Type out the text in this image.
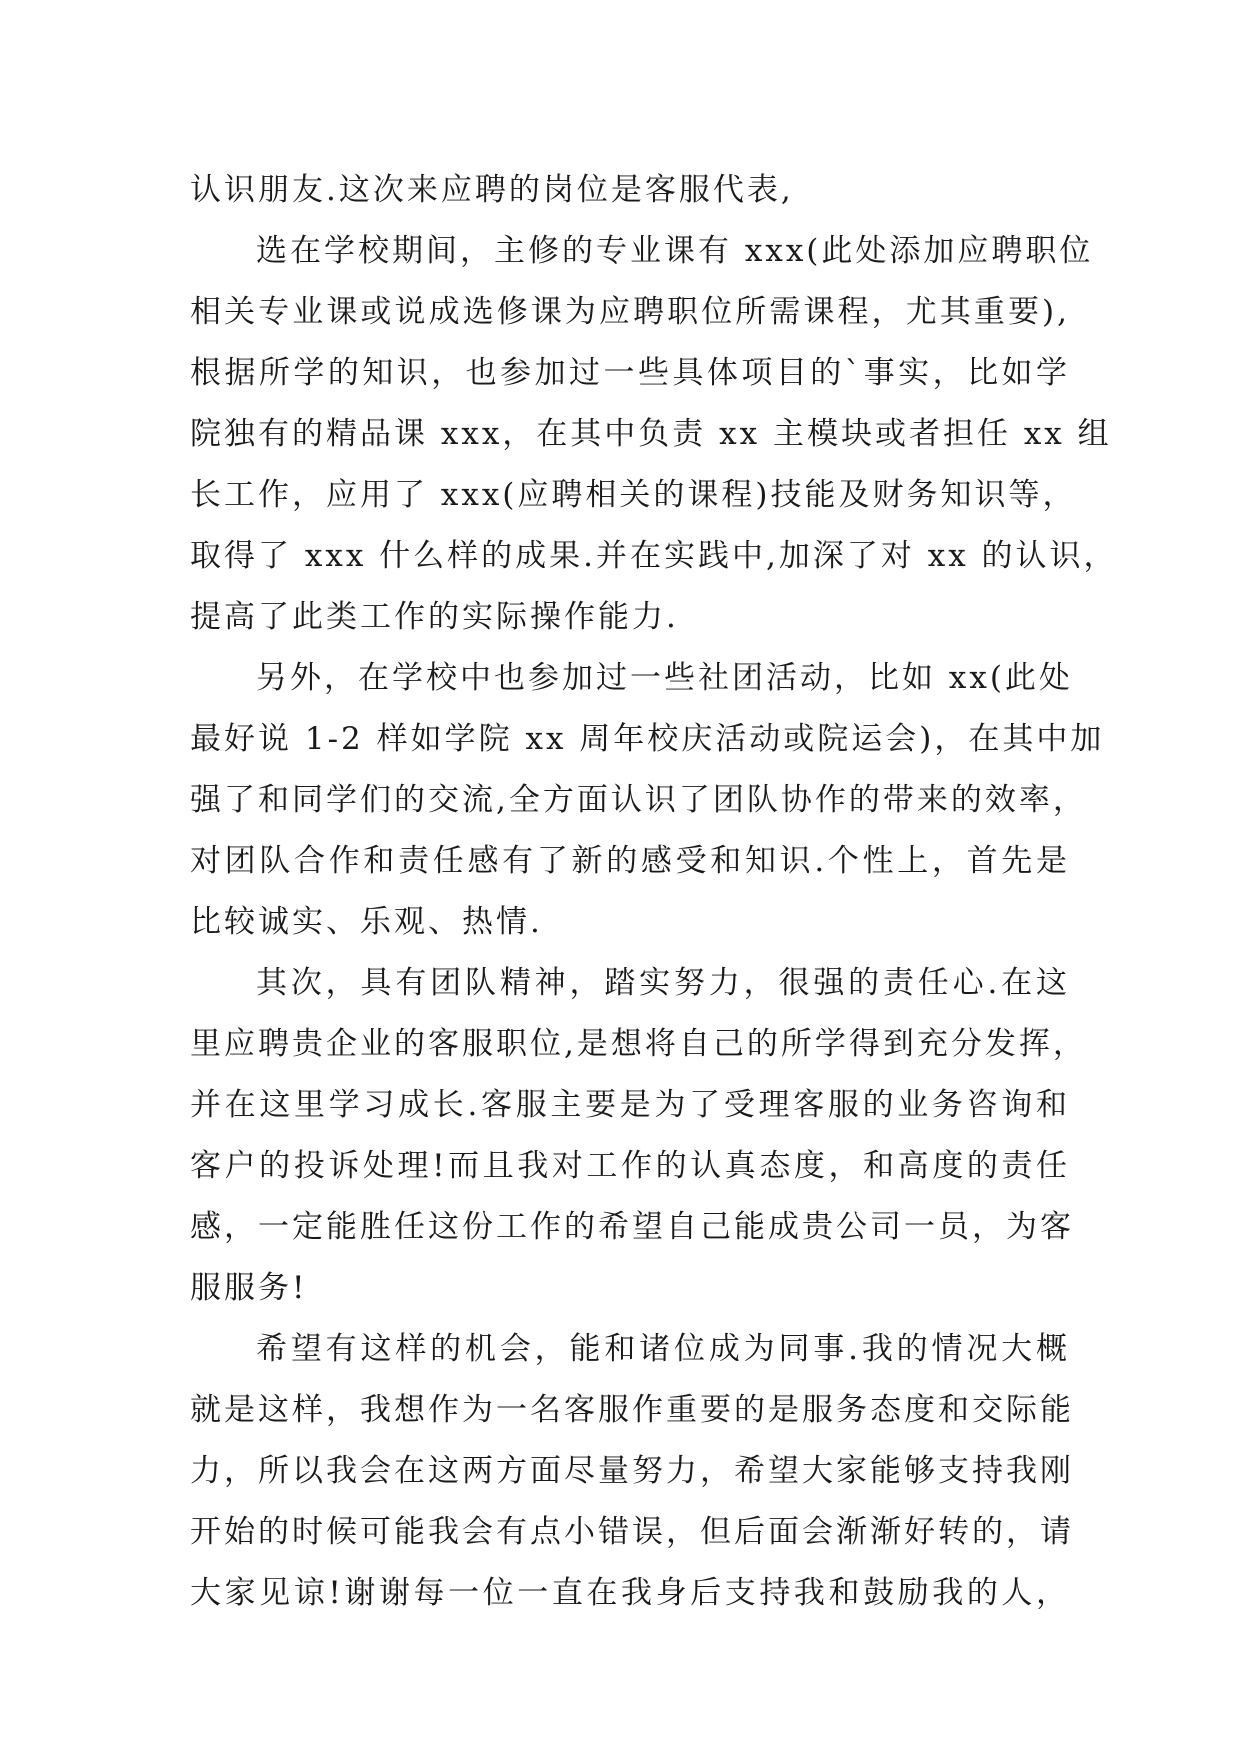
认识朋友.这次来应聘的岗位是客服代表,
选在学校期间，主修的专业课有 xxx(此处添加应聘职位
相关专业课或说成选修课为应聘职位所需课程，尤其重要),
根据所学的知识，也参加过一些具体项目的`事实，比如学
院独有的精品课 xxx，在其中负责 xx 主模块或者担任 xx 组
长工作，应用了 xxx(应聘相关的课程)技能及财务知识等，
取得了 xxx 什么样的成果.并在实践中,加深了对 xx 的认识，
提高了此类工作的实际操作能力.
另外，在学校中也参加过一些社团活动，比如 xx(此处
最好说 1-2 样如学院 xx 周年校庆活动或院运会)，在其中加
强了和同学们的交流,全方面认识了团队协作的带来的效率，
对团队合作和责任感有了新的感受和知识.个性上，首先是
比较诚实、乐观、热情.
其次，具有团队精神，踏实努力，很强的责任心.在这
里应聘贵企业的客服职位,是想将自己的所学得到充分发挥，
并在这里学习成长.客服主要是为了受理客服的业务咨询和
客户的投诉处理!而且我对工作的认真态度，和高度的责任
感，一定能胜任这份工作的希望自己能成贵公司一员，为客
服服务!
希望有这样的机会，能和诸位成为同事.我的情况大概
就是这样，我想作为一名客服作重要的是服务态度和交际能
力，所以我会在这两方面尽量努力，希望大家能够支持我刚
开始的时候可能我会有点小错误，但后面会渐渐好转的，请
大家见谅!谢谢每一位一直在我身后支持我和鼓励我的人，
